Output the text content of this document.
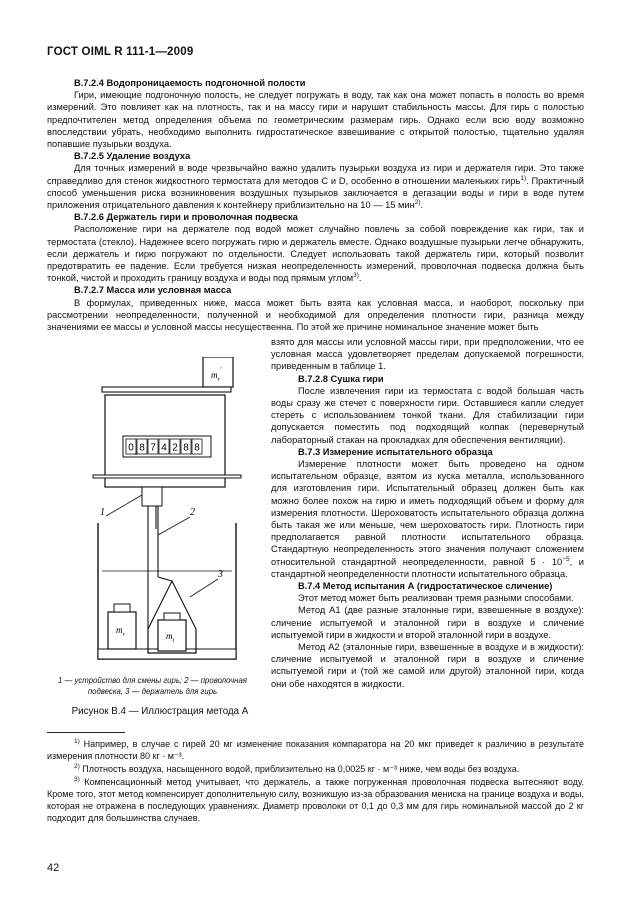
ГОСТ OIML R 111-1—2009
В.7.2.4 Водопроницаемость подгоночной полости

Гири, имеющие подгоночную полость, не следует погружать в воду, так как она может попасть в полость во время измерений. Это повлияет как на плотность, так и на массу гири и нарушит стабильность массы. Для гирь с полостью предпочтителен метод определения объема по геометрическим размерам гирь. Однако если всю воду возможно впоследствии убрать, необходимо выполнить гидростатическое взвешивание с открытой полостью, тщательно удаляя попавшие пузырьки воздуха.

В.7.2.5 Удаление воздуха

Для точных измерений в воде чрезвычайно важно удалить пузырьки воздуха из гири и держателя гири. Это также справедливо для стенок жидкостного термостата для методов С и D, особенно в отношении маленьких гирь$^{1)}$. Практичный способ уменьшения риска возникновения воздушных пузырьков заключается в дегазации воды и гири в воде путем приложения отрицательного давления к контейнеру приблизительно на 10 — 15 мин$^{2)}$.

В.7.2.6 Держатель гири и проволочная подвеска

Расположение гири на держателе под водой может случайно повлечь за собой повреждение как гири, так и термостата (стекло). Надежнее всего погружать гирю и держатель вместе. Однако воздушные пузырьки легче обнаружить, если держатель и гирю погружают по отдельности. Следует использовать такой держатель гири, который позволит предотвратить ее падение. Если требуется низкая неопределенность измерений, проволочная подвеска должна быть тонкой, чистой и проходить границу воздуха и воды под прямым углом$^{3)}$.

В.7.2.7 Масса или условная масса

В формулах, приведенных ниже, масса может быть взята как условная масса, и наоборот, поскольку при рассмотрении неопределенности, полученной и необходимой для определения плотности гири, разница между значениями ее массы и условной массы несущественна. По этой же причине номинальное значение может быть

взято для массы или условной массы гири, при предположении, что ее условная масса удовлетворяет пределам допускаемой погрешности, приведенным в таблице 1.

В.7.2.8 Сушка гири

После извлечения гири из термостата с водой большая часть воды сразу же стечет с поверхности гири. Оставшиеся капли следует стереть с использованием тонкой ткани. Для стабилизации гири допускается поместить под подходящий колпак (перевернутый лабораторный стакан на прокладках для обеспечения вентиляции).

В.7.3 Измерение испытательного образца

Измерение плотности может быть проведено на одном испытательном образце, взятом из куска металла, использованного для изготовления гири. Испытательный образец должен быть как можно более похож на гирю и иметь подходящий объем и форму для измерения плотности. Шероховатость испытательного образца должна быть такая же или меньше, чем шероховатость гири. Плотность гири предполагается равной плотности испытательного образца. Стандартную неопределенность этого значения получают сложением относительной стандартной неопределенности, равной $5 \cdot 10^{-5}$, и стандартной неопределенности плотности испытательного образца.

В.7.4 Метод испытания А (гидростатическое сличение)

Этот метод может быть реализован тремя разными способами.

Метод А1 (две разные эталонные гири, взвешенные в воздухе): сличение испытуемой и эталонной гири в воздухе и сличение испытуемой гири в жидкости и второй эталонной гири в воздухе.

Метод А2 (эталонные гири, взвешенные в воздухе и в жидкости): сличение испытуемой и эталонной гири в воздухе и сличение испытуемой гири и (той же самой или другой) эталонной гири, когда они обе находятся в жидкости.

$m_r'$
0 8 7 4 2 8 8
$m_r$	$m_t$
1	2
3
1 — устройство для смены гирь; 2 — проволочная подвеска, 3 — держатель для гирь
Рисунок В.4 — Иллюстрация метода А

$^{1)}$ Например, в случае с гирей 20 мг изменение показания компаратора на 20 мкг приведет к различию в результате измерения плотности 80 кг · м⁻³.

$^{2)}$ Плотность воздуха, насыщенного водой, приблизительно на 0,0025 кг · м⁻³ ниже, чем воды без воздуха.

$^{3)}$ Компенсационный метод учитывает, что держатель, а также погруженная проволочная подвеска вытесняют воду. Кроме того, этот метод компенсирует дополнительную силу, возникшую из-за образования мениска на границе воздуха и воды, которая не отражена в последующих уравнениях. Диаметр проволоки от 0,1 до 0,3 мм для гирь номинальной массой до 2 кг подходит для большинства случаев.

42
